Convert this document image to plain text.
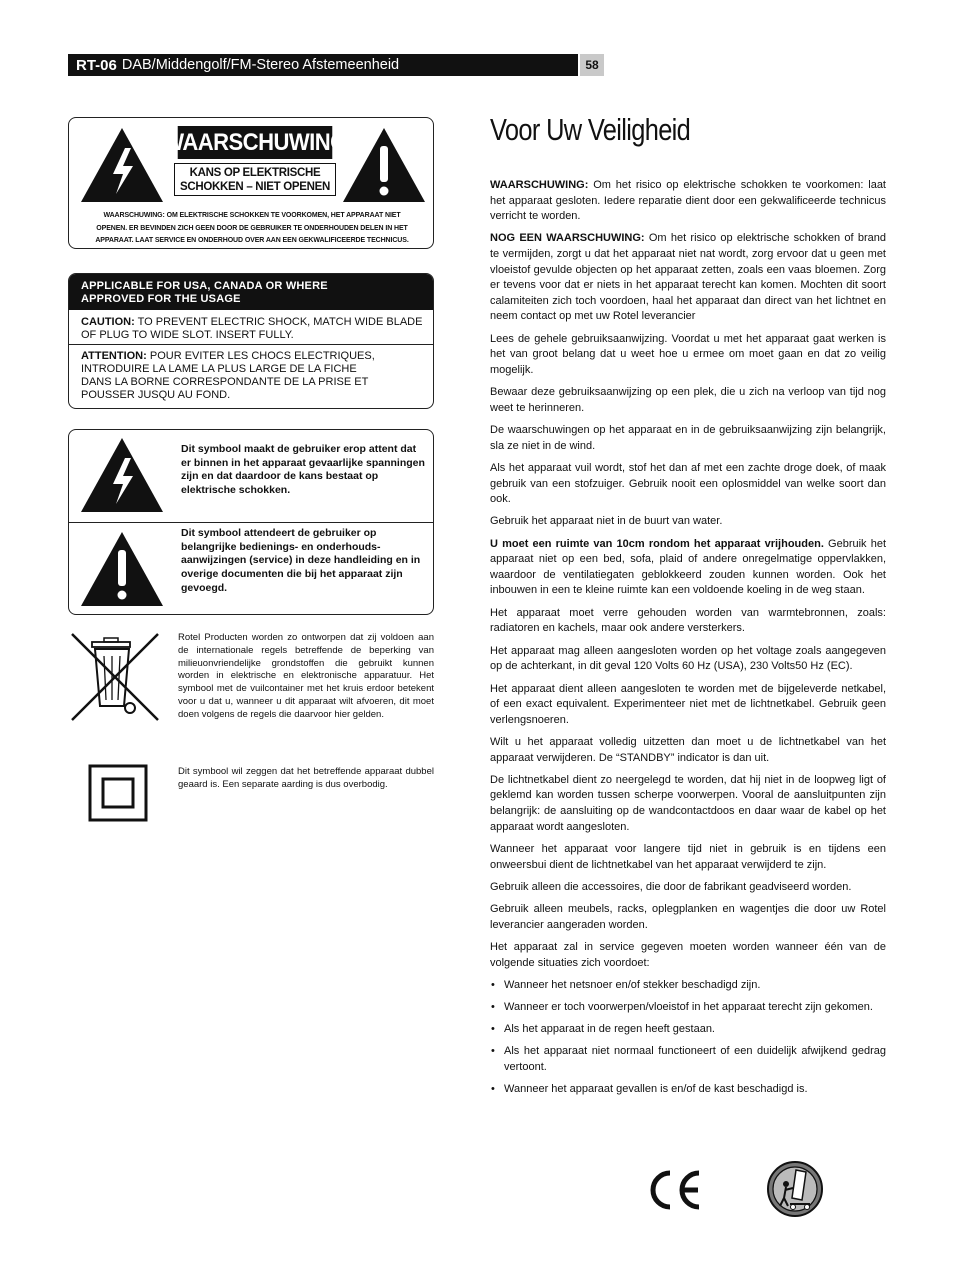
RT-06 DAB/Middengolf/FM-Stereo Afstemeenheid	58
WAARSCHUWING
KANS OP ELEKTRISCHE
SCHOKKEN – NIET OPENEN
WAARSCHUWING: OM ELEKTRISCHE SCHOKKEN TE VOORKOMEN, HET APPARAAT NIET
OPENEN. ER BEVINDEN ZICH GEEN DOOR DE GEBRUIKER TE ONDERHOUDEN DELEN IN HET
APPARAAT. LAAT SERVICE EN ONDERHOUD OVER AAN EEN GEKWALIFICEERDE TECHNICUS.
APPLICABLE FOR USA, CANADA OR WHERE
APPROVED FOR THE USAGE
CAUTION: TO PREVENT ELECTRIC SHOCK, MATCH WIDE BLADE
OF PLUG TO WIDE SLOT. INSERT FULLY.
ATTENTION: POUR EVITER LES CHOCS ELECTRIQUES,
INTRODUIRE LA LAME LA PLUS LARGE DE LA FICHE
DANS LA BORNE CORRESPONDANTE DE LA PRISE ET
POUSSER JUSQU AU FOND.
Dit symbool maakt de gebruiker erop attent dat er binnen in het apparaat gevaarlijke spanningen zijn en dat daardoor de kans bestaat op elektrische schokken.
Dit symbool attendeert de gebruiker op belangrijke bedienings- en onderhouds-aanwijzingen (service) in deze handleiding en in overige documenten die bij het apparaat zijn gevoegd.
Rotel Producten worden zo ontworpen dat zij voldoen aan de internationale regels betreffende de beperking van milieuonvriendelijke grondstoffen die gebruikt kunnen worden in elektrische en elektronische apparatuur. Het symbool met de vuilcontainer met het kruis erdoor betekent voor u dat u, wanneer u dit apparaat wilt afvoeren, dit moet doen volgens de regels die daarvoor hier gelden.
Dit symbool wil zeggen dat het betreffende apparaat dubbel geaard is. Een separate aarding is dus overbodig.
Voor Uw Veiligheid

WAARSCHUWING: Om het risico op elektrische schokken te voorkomen: laat het apparaat gesloten. Iedere reparatie dient door een gekwalificeerde technicus verricht te worden.

NOG EEN WAARSCHUWING: Om het risico op elektrische schokken of brand te vermijden, zorgt u dat het apparaat niet nat wordt, zorg ervoor dat u geen met vloeistof gevulde objecten op het apparaat zetten, zoals een vaas bloemen. Zorg er tevens voor dat er niets in het apparaat terecht kan komen. Mochten dit soort calamiteiten zich toch voordoen, haal het apparaat dan direct van het lichtnet en neem contact op met uw Rotel leverancier

Lees de gehele gebruiksaanwijzing. Voordat u met het apparaat gaat werken is het van groot belang dat u weet hoe u ermee om moet gaan en dat zo veilig mogelijk.

Bewaar deze gebruiksaanwijzing op een plek, die u zich na verloop van tijd nog weet te herinneren.

De waarschuwingen op het apparaat en in de gebruiksaanwijzing zijn belangrijk, sla ze niet in de wind.

Als het apparaat vuil wordt, stof het dan af met een zachte droge doek, of maak gebruik van een stofzuiger. Gebruik nooit een oplosmiddel van welke soort dan ook.

Gebruik het apparaat niet in de buurt van water.

U moet een ruimte van 10cm rondom het apparaat vrijhouden. Gebruik het apparaat niet op een bed, sofa, plaid of andere onregelmatige oppervlakken, waardoor de ventilatiegaten geblokkeerd zouden kunnen worden. Ook het inbouwen in een te kleine ruimte kan een voldoende koeling in de weg staan.

Het apparaat moet verre gehouden worden van warmtebronnen, zoals: radiatoren en kachels, maar ook andere versterkers.

Het apparaat mag alleen aangesloten worden op het voltage zoals aangegeven op de achterkant, in dit geval 120 Volts 60 Hz (USA), 230 Volts50 Hz (EC).

Het apparaat dient alleen aangesloten te worden met de bijgeleverde netkabel, of een exact equivalent. Experimenteer niet met de lichtnetkabel. Gebruik geen verlengsnoeren.

Wilt u het apparaat volledig uitzetten dan moet u de lichtnetkabel van het apparaat verwijderen. De “STANDBY” indicator is dan uit.

De lichtnetkabel dient zo neergelegd te worden, dat hij niet in de loopweg ligt of geklemd kan worden tussen scherpe voorwerpen. Vooral de aansluitpunten zijn belangrijk: de aansluiting op de wandcontactdoos en daar waar de kabel op het apparaat wordt aangesloten.

Wanneer het apparaat voor langere tijd niet in gebruik is en tijdens een onweersbui dient de lichtnetkabel van het apparaat verwijderd te zijn.

Gebruik alleen die accessoires, die door de fabrikant geadviseerd worden.

Gebruik alleen meubels, racks, oplegplanken en wagentjes die door uw Rotel leverancier aangeraden worden.

Het apparaat zal in service gegeven moeten worden wanneer één van de volgende situaties zich voordoet:

• Wanneer het netsnoer en/of stekker beschadigd zijn.
• Wanneer er toch voorwerpen/vloeistof in het apparaat terecht zijn gekomen.
• Als het apparaat in de regen heeft gestaan.
• Als het apparaat niet normaal functioneert of een duidelijk afwijkend gedrag vertoont.
• Wanneer het apparaat gevallen is en/of de kast beschadigd is.
